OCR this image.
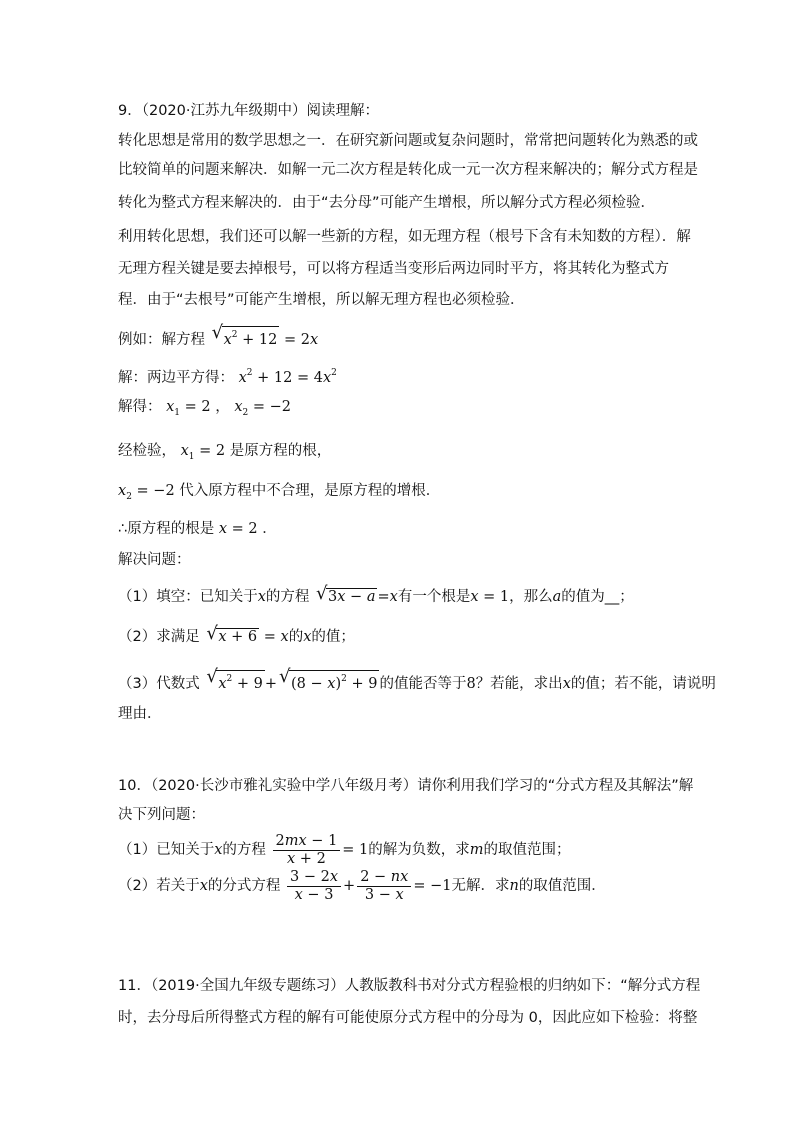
9．（2020·江苏九年级期中）阅读理解：
转化思想是常用的数学思想之一．在研究新问题或复杂问题时，常常把问题转化为熟悉的或
比较简单的问题来解决．如解一元二次方程是转化成一元一次方程来解决的；解分式方程是
转化为整式方程来解决的．由于“去分母”可能产生增根，所以解分式方程必须检验．
利用转化思想，我们还可以解一些新的方程，如无理方程（根号下含有未知数的方程）．解
无理方程关键是要去掉根号，可以将方程适当变形后两边同时平方，将其转化为整式方
程．由于“去根号”可能产生增根，所以解无理方程也必须检验．
例如：解方程 √ $x^2 + 12 = 2x$
解：两边平方得： $x^2 + 12 = 4x^2$
解得： $x_1 = 2$ ， $x_2 = -2$
经检验， $x_1 = 2$ 是原方程的根，
$x_2 = -2$ 代入原方程中不合理，是原方程的增根．
∴原方程的根是 x = 2 ．
解决问题：
（1）填空：已知关于x的方程 √ 3x − a =x有一个根是x = 1，那么a的值为__；
（2）求满足 √ x + 6 = x的x的值；
（3）代数式 √ $x^2 + 9$ + √ $(8 - x)^2 + 9$ 的值能否等于8？若能，求出x的值；若不能，请说明
理由．
10．（2020·长沙市雅礼实验中学八年级月考）请你利用我们学习的“分式方程及其解法”解
决下列问题：
（1）已知关于x的方程 $\frac{2mx - 1}{x + 2} = 1$的解为负数，求m的取值范围；
（2）若关于x的分式方程 $\frac{3 - 2x}{x - 3} + \frac{2 - nx}{3 - x} = -1$无解．求n的取值范围．
11．（2019·全国九年级专题练习）人教版教科书对分式方程验根的归纳如下：“解分式方程
时，去分母后所得整式方程的解有可能使原分式方程中的分母为 0，因此应如下检验：将整
